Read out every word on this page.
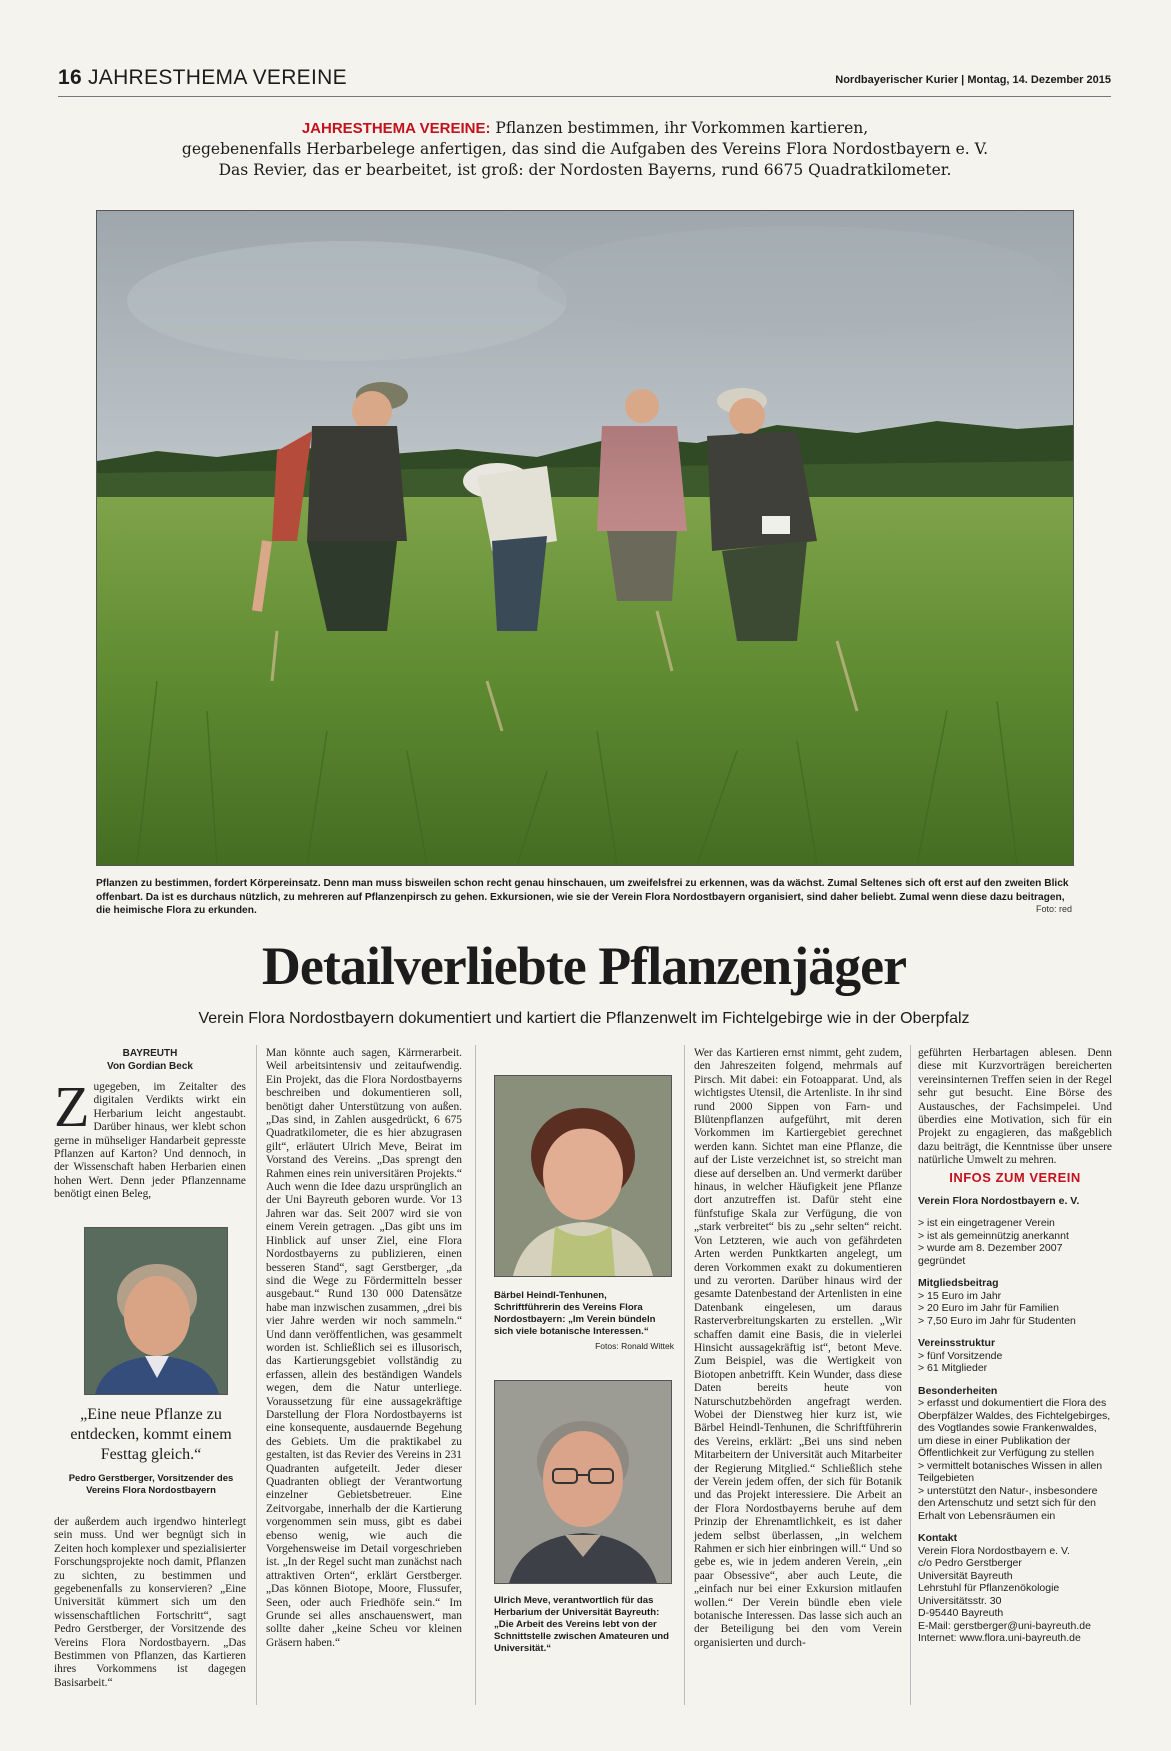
16 JAHRESTHEMA VEREINE	Nordbayerischer Kurier | Montag, 14. Dezember 2015
JAHRESTHEMA VEREINE: Pflanzen bestimmen, ihr Vorkommen kartieren,
gegebenenfalls Herbarbelege anfertigen, das sind die Aufgaben des Vereins Flora Nordostbayern e. V.
Das Revier, das er bearbeitet, ist groß: der Nordosten Bayerns, rund 6675 Quadratkilometer.
Pflanzen zu bestimmen, fordert Körpereinsatz. Denn man muss bisweilen schon recht genau hinschauen, um zweifelsfrei zu erkennen, was da wächst. Zumal Seltenes sich oft erst auf den zweiten Blick offenbart. Da ist es durchaus nützlich, zu mehreren auf Pflanzenpirsch zu gehen. Exkursionen, wie sie der Verein Flora Nordostbayern organisiert, sind daher beliebt. Zumal wenn diese dazu beitragen, die heimische Flora zu erkunden.	Foto: red
Detailverliebte Pflanzenjäger
Verein Flora Nordostbayern dokumentiert und kartiert die Pflanzenwelt im Fichtelgebirge wie in der Oberpfalz
BAYREUTH
Von Gordian Beck
Zugegeben, im Zeitalter des digitalen Verdikts wirkt ein Herbarium leicht angestaubt. Darüber hinaus, wer klebt schon gerne in mühseliger Handarbeit gepresste Pflanzen auf Karton? Und dennoch, in der Wissenschaft haben Herbarien einen hohen Wert. Denn jeder Pflanzenname benötigt einen Beleg,
„Eine neue Pflanze zu entdecken, kommt einem Festtag gleich.“
Pedro Gerstberger, Vorsitzender des Vereins Flora Nordostbayern
der außerdem auch irgendwo hinterlegt sein muss. Und wer begnügt sich in Zeiten hoch komplexer und spezialisierter Forschungsprojekte noch damit, Pflanzen zu sichten, zu bestimmen und gegebenenfalls zu konservieren? „Eine Universität kümmert sich um den wissenschaftlichen Fortschritt“, sagt Pedro Gerstberger, der Vorsitzende des Vereins Flora Nordostbayern. „Das Bestimmen von Pflanzen, das Kartieren ihres Vorkommens ist dagegen Basisarbeit.“
Man könnte auch sagen, Kärrnerarbeit. Weil arbeitsintensiv und zeitaufwendig. Ein Projekt, das die Flora Nordostbayerns beschreiben und dokumentieren soll, benötigt daher Unterstützung von außen. „Das sind, in Zahlen ausgedrückt, 6 675 Quadratkilometer, die es hier abzugrasen gilt“, erläutert Ulrich Meve, Beirat im Vorstand des Vereins. „Das sprengt den Rahmen eines rein universitären Projekts.“ Auch wenn die Idee dazu ursprünglich an der Uni Bayreuth geboren wurde. Vor 13 Jahren war das. Seit 2007 wird sie von einem Verein getragen. „Das gibt uns im Hinblick auf unser Ziel, eine Flora Nordostbayerns zu publizieren, einen besseren Stand“, sagt Gerstberger, „da sind die Wege zu Fördermitteln besser ausgebaut.“ Rund 130 000 Datensätze habe man inzwischen zusammen, „drei bis vier Jahre werden wir noch sammeln.“ Und dann veröffentlichen, was gesammelt worden ist. Schließlich sei es illusorisch, das Kartierungsgebiet vollständig zu erfassen, allein des beständigen Wandels wegen, dem die Natur unterliege. Voraussetzung für eine aussagekräftige Darstellung der Flora Nordostbayerns ist eine konsequente, ausdauernde Begehung des Gebiets. Um die praktikabel zu gestalten, ist das Revier des Vereins in 231 Quadranten aufgeteilt. Jeder dieser Quadranten obliegt der Verantwortung einzelner Gebietsbetreuer. Eine Zeitvorgabe, innerhalb der die Kartierung vorgenommen sein muss, gibt es dabei ebenso wenig, wie auch die Vorgehensweise im Detail vorgeschrieben ist. „In der Regel sucht man zunächst nach attraktiven Orten“, erklärt Gerstberger. „Das können Biotope, Moore, Flussufer, Seen, oder auch Friedhöfe sein.“ Im Grunde sei alles anschauenswert, man sollte daher „keine Scheu vor kleinen Gräsern haben.“
Bärbel Heindl-Tenhunen, Schriftführerin des Vereins Flora Nordostbayern: „Im Verein bündeln sich viele botanische Interessen.“
Fotos: Ronald Wittek
Ulrich Meve, verantwortlich für das Herbarium der Universität Bayreuth: „Die Arbeit des Vereins lebt von der Schnittstelle zwischen Amateuren und Universität.“
Wer das Kartieren ernst nimmt, geht zudem, den Jahreszeiten folgend, mehrmals auf Pirsch. Mit dabei: ein Fotoapparat. Und, als wichtigstes Utensil, die Artenliste. In ihr sind rund 2000 Sippen von Farn- und Blütenpflanzen aufgeführt, mit deren Vorkommen im Kartiergebiet gerechnet werden kann. Sichtet man eine Pflanze, die auf der Liste verzeichnet ist, so streicht man diese auf derselben an. Und vermerkt darüber hinaus, in welcher Häufigkeit jene Pflanze dort anzutreffen ist. Dafür steht eine fünfstufige Skala zur Verfügung, die von „stark verbreitet“ bis zu „sehr selten“ reicht. Von Letzteren, wie auch von gefährdeten Arten werden Punktkarten angelegt, um deren Vorkommen exakt zu dokumentieren und zu verorten. Darüber hinaus wird der gesamte Datenbestand der Artenlisten in eine Datenbank eingelesen, um daraus Rasterverbreitungskarten zu erstellen. „Wir schaffen damit eine Basis, die in vielerlei Hinsicht aussagekräftig ist“, betont Meve. Zum Beispiel, was die Wertigkeit von Biotopen anbetrifft. Kein Wunder, dass diese Daten bereits heute von Naturschutzbehörden angefragt werden. Wobei der Dienstweg hier kurz ist, wie Bärbel Heindl-Tenhunen, die Schriftführerin des Vereins, erklärt: „Bei uns sind neben Mitarbeitern der Universität auch Mitarbeiter der Regierung Mitglied.“ Schließlich stehe der Verein jedem offen, der sich für Botanik und das Projekt interessiere. Die Arbeit an der Flora Nordostbayerns beruhe auf dem Prinzip der Ehrenamtlichkeit, es ist daher jedem selbst überlassen, „in welchem Rahmen er sich hier einbringen will.“ Und so gebe es, wie in jedem anderen Verein, „ein paar Obsessive“, aber auch Leute, die „einfach nur bei einer Exkursion mitlaufen wollen.“ Der Verein bündle eben viele botanische Interessen. Das lasse sich auch an der Beteiligung bei den vom Verein organisierten und durch-
geführten Herbartagen ablesen. Denn diese mit Kurzvorträgen bereicherten vereinsinternen Treffen seien in der Regel sehr gut besucht. Eine Börse des Austausches, der Fachsimpelei. Und überdies eine Motivation, sich für ein Projekt zu engagieren, das maßgeblich dazu beiträgt, die Kenntnisse über unsere natürliche Umwelt zu mehren.
INFOS ZUM VEREIN
Verein Flora Nordostbayern e. V.
> ist ein eingetragener Verein
> ist als gemeinnützig anerkannt
> wurde am 8. Dezember 2007 gegründet
Mitgliedsbeitrag
> 15 Euro im Jahr
> 20 Euro im Jahr für Familien
> 7,50 Euro im Jahr für Studenten
Vereinsstruktur
> fünf Vorsitzende
> 61 Mitglieder
Besonderheiten
> erfasst und dokumentiert die Flora des Oberpfälzer Waldes, des Fichtelgebirges, des Vogtlandes sowie Frankenwaldes, um diese in einer Publikation der Öffentlichkeit zur Verfügung zu stellen
> vermittelt botanisches Wissen in allen Teilgebieten
> unterstützt den Natur-, insbesondere den Artenschutz und setzt sich für den Erhalt von Lebensräumen ein
Kontakt
Verein Flora Nordostbayern e. V.
c/o Pedro Gerstberger
Universität Bayreuth
Lehrstuhl für Pflanzenökologie
Universitätsstr. 30
D-95440 Bayreuth
E-Mail: gerstberger@uni-bayreuth.de
Internet: www.flora.uni-bayreuth.de
